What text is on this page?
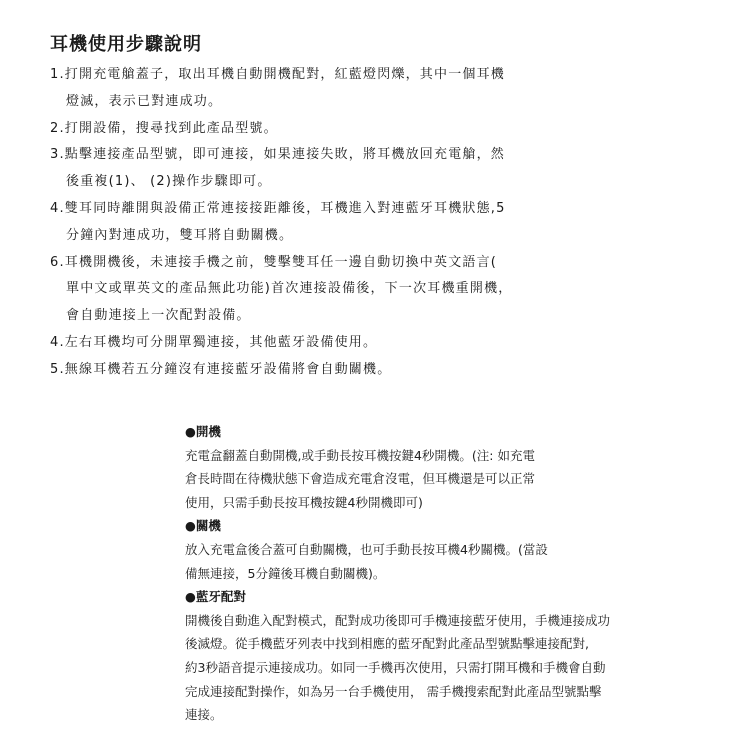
耳機使用步驟說明
1.打開充電艙蓋子，取出耳機自動開機配對，紅藍燈閃爍，其中一個耳機
燈滅，表示已對連成功。
2.打開設備，搜尋找到此產品型號。
3.點擊連接產品型號，即可連接，如果連接失敗，將耳機放回充電艙，然
後重複(1)、 (2)操作步驟即可。
4.雙耳同時離開與設備正常連接接距離後，耳機進入對連藍牙耳機狀態,5
分鐘內對連成功，雙耳將自動關機。
6.耳機開機後，未連接手機之前，雙擊雙耳任一邊自動切換中英文語言(
單中文或單英文的產品無此功能)首次連接設備後，下一次耳機重開機，
會自動連接上一次配對設備。
4.左右耳機均可分開單獨連接，其他藍牙設備使用。
5.無線耳機若五分鐘沒有連接藍牙設備將會自動關機。
●開機
充電盒翻蓋自動開機,或手動長按耳機按鍵4秒開機。(注: 如充電
倉長時間在待機狀態下會造成充電倉沒電，但耳機還是可以正常
使用，只需手動長按耳機按鍵4秒開機即可)
●關機
放入充電盒後合蓋可自動關機，也可手動長按耳機4秒關機。(當設
備無連接，5分鐘後耳機自動關機)。
●藍牙配對
開機後自動進入配對模式，配對成功後即可手機連接藍牙使用，手機連接成功
後滅燈。從手機藍牙列表中找到相應的藍牙配對此產品型號點擊連接配對,
約3秒語音提示連接成功。如同一手機再次使用，只需打開耳機和手機會自動
完成連接配對操作，如為另一台手機使用， 需手機搜索配對此產品型號點擊
連接。
